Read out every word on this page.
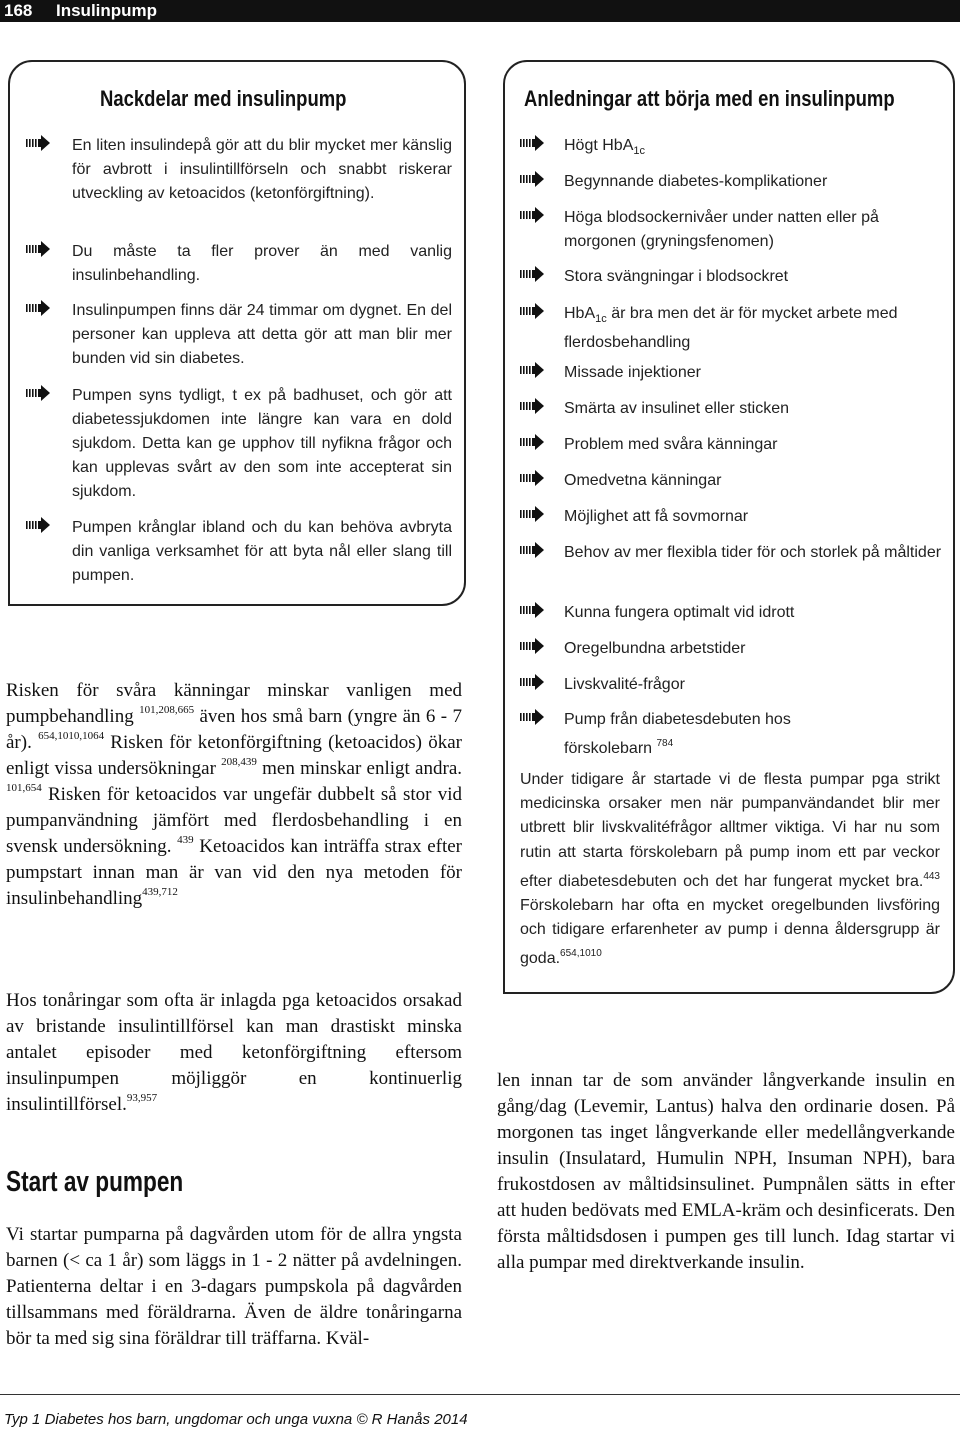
168 Insulinpump
Nackdelar med insulinpump
En liten insulindepå gör att du blir mycket mer känslig för avbrott i insulintillförseln och snabbt riskerar utveckling av ketoacidos (ketonförgiftning).
Du måste ta fler prover än med vanlig insulinbehandling.
Insulinpumpen finns där 24 timmar om dygnet. En del personer kan uppleva att detta gör att man blir mer bunden vid sin diabetes.
Pumpen syns tydligt, t ex på badhuset, och gör att diabetessjukdomen inte längre kan vara en dold sjukdom. Detta kan ge upphov till nyfikna frågor och kan upplevas svårt av den som inte accepterat sin sjukdom.
Pumpen krånglar ibland och du kan behöva avbryta din vanliga verksamhet för att byta nål eller slang till pumpen.
Anledningar att börja med en insulinpump
Högt HbA$_{1c}$
Begynnande diabetes-komplikationer
Höga blodsockernivåer under natten eller på morgonen (gryningsfenomen)
Stora svängningar i blodsockret
HbA$_{1c}$ är bra men det är för mycket arbete med flerdosbehandling
Missade injektioner
Smärta av insulinet eller sticken
Problem med svåra känningar
Omedvetna känningar
Möjlighet att få sovmornar
Behov av mer flexibla tider för och storlek på måltider
Kunna fungera optimalt vid idrott
Oregelbundna arbetstider
Livskvalité-frågor
Pump från diabetesdebuten hos förskolebarn $^{784}$
Under tidigare år startade vi de flesta pumpar pga strikt medicinska orsaker men när pumpanvändandet blir mer utbrett blir livskvalitéfrågor alltmer viktiga. Vi har nu som rutin att starta förskolebarn på pump inom ett par veckor efter diabetesdebuten och det har fungerat mycket bra.$^{443}$ Förskolebarn har ofta en mycket oregelbunden livsföring och tidigare erfarenheter av pump i denna åldersgrupp är goda.$^{654,1010}$
Risken för svåra känningar minskar vanligen med pumpbehandling $^{101,208,665}$ även hos små barn (yngre än 6 - 7 år). $^{654,1010,1064}$ Risken för ketonförgiftning (ketoacidos) ökar enligt vissa undersökningar $^{208,439}$ men minskar enligt andra. $^{101,654}$ Risken för ketoacidos var ungefär dubbelt så stor vid pumpanvändning jämfört med flerdosbehandling i en svensk undersökning. $^{439}$ Ketoacidos kan inträffa strax efter pumpstart innan man är van vid den nya metoden för insulinbehandling$^{439,712}$
Hos tonåringar som ofta är inlagda pga ketoacidos orsakad av bristande insulintillförsel kan man drastiskt minska antalet episoder med ketonförgiftning eftersom insulinpumpen möjliggör en kontinuerlig insulintillförsel.$^{93,957}$
Start av pumpen
Vi startar pumparna på dagvården utom för de allra yngsta barnen (< ca 1 år) som läggs in 1 - 2 nätter på avdelningen. Patienterna deltar i en 3-dagars pumpskola på dagvården tillsammans med föräldrarna. Även de äldre tonåringarna bör ta med sig sina föräldrar till träffarna. Kväl-
len innan tar de som använder långverkande insulin en gång/dag (Levemir, Lantus) halva den ordinarie dosen. På morgonen tas inget långverkande eller medellångverkande insulin (Insulatard, Humulin NPH, Insuman NPH), bara frukostdosen av måltidsinsulinet. Pumpnålen sätts in efter att huden bedövats med EMLA-kräm och desinficerats. Den första måltidsdosen i pumpen ges till lunch. Idag startar vi alla pumpar med direktverkande insulin.
Typ 1 Diabetes hos barn, ungdomar och unga vuxna © R Hanås 2014
